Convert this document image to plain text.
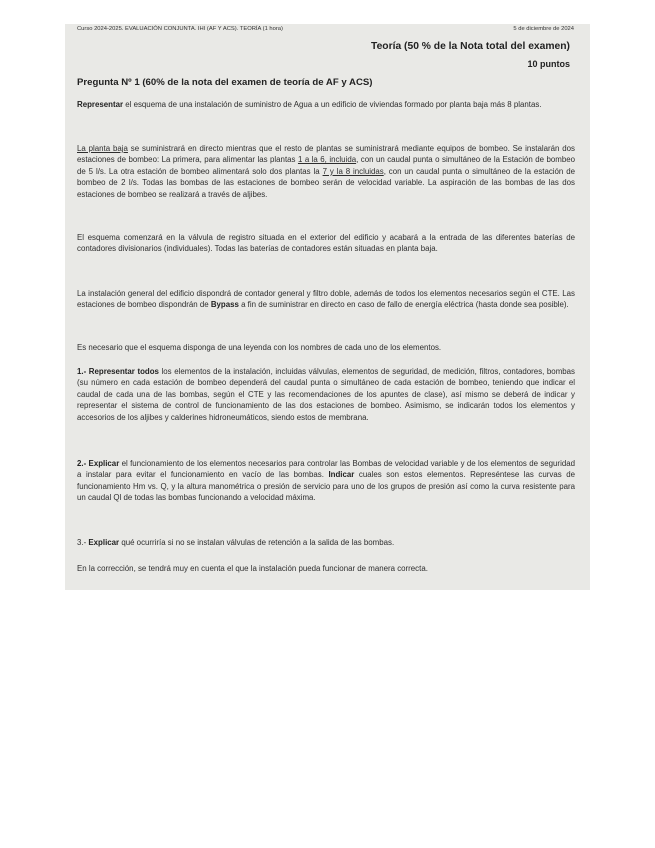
Curso 2024-2025. EVALUACIÓN CONJUNTA. IHI (AF Y ACS). TEORÍA (1 hora)	5 de diciembre de 2024
Teoría (50 % de la Nota total del examen)
10 puntos
Pregunta Nº 1 (60% de la nota del examen de teoría de AF y ACS)
Representar el esquema de una instalación de suministro de Agua a un edificio de viviendas formado por planta baja más 8 plantas.
La planta baja se suministrará en directo mientras que el resto de plantas se suministrará mediante equipos de bombeo. Se instalarán dos estaciones de bombeo: La primera, para alimentar las plantas 1 a la 6, incluida, con un caudal punta o simultáneo de la Estación de bombeo de 5 l/s. La otra estación de bombeo alimentará solo dos plantas la 7 y la 8 incluidas, con un caudal punta o simultáneo de la estación de bombeo de 2 l/s. Todas las bombas de las estaciones de bombeo serán de velocidad variable. La aspiración de las bombas de las dos estaciones de bombeo se realizará a través de aljibes.
El esquema comenzará en la válvula de registro situada en el exterior del edificio y acabará a la entrada de las diferentes baterías de contadores divisionarios (individuales). Todas las baterías de contadores están situadas en planta baja.
La instalación general del edificio dispondrá de contador general y filtro doble, además de todos los elementos necesarios según el CTE. Las estaciones de bombeo dispondrán de Bypass a fin de suministrar en directo en caso de fallo de energía eléctrica (hasta donde sea posible).
Es necesario que el esquema disponga de una leyenda con los nombres de cada uno de los elementos.
1.- Representar todos los elementos de la instalación, incluidas válvulas, elementos de seguridad, de medición, filtros, contadores, bombas (su número en cada estación de bombeo dependerá del caudal punta o simultáneo de cada estación de bombeo, teniendo que indicar el caudal de cada una de las bombas, según el CTE y las recomendaciones de los apuntes de clase), así mismo se deberá de indicar y representar el sistema de control de funcionamiento de las dos estaciones de bombeo. Asimismo, se indicarán todos los elementos y accesorios de los aljibes y calderines hidroneumáticos, siendo estos de membrana.
2.- Explicar el funcionamiento de los elementos necesarios para controlar las Bombas de velocidad variable y de los elementos de seguridad a instalar para evitar el funcionamiento en vacío de las bombas. Indicar cuales son estos elementos. Represéntese las curvas de funcionamiento Hm vs. Q, y la altura manométrica o presión de servicio para uno de los grupos de presión así como la curva resistente para un caudal Ql de todas las bombas funcionando a velocidad máxima.
3.- Explicar qué ocurriría si no se instalan válvulas de retención a la salida de las bombas.
En la corrección, se tendrá muy en cuenta el que la instalación pueda funcionar de manera correcta.
